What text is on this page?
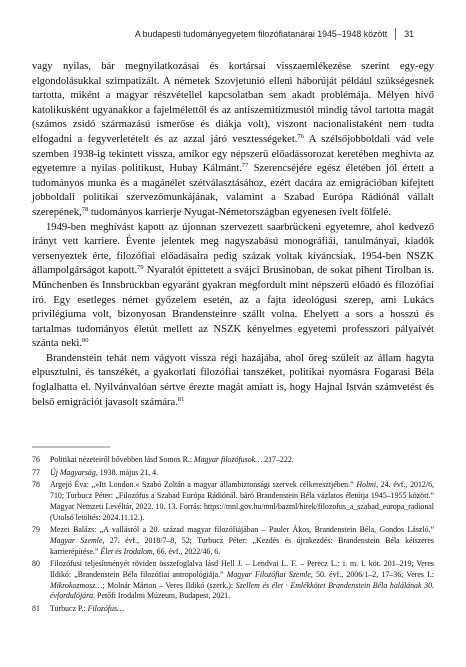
A budapesti tudományegyetem filozófiatanárai 1945–1948 között 31

vagy nyilas, bár megnyilatkozásai és kortársai visszaemlékezése szerint egy-egy elgondolásukkal szimpatizált. A németek Szovjetunió elleni háborúját például szükségesnek tartotta, miként a magyar részvétellel kapcsolatban sem akadt problémája. Mélyen hívő katolikusként ugyanakkor a fajelmélettől és az antiszemitizmustól mindig távol tartotta magát (számos zsidó származású ismerőse és diákja volt), viszont nacionalistaként nem tudta elfogadni a fegyverletételt és az azzal járó vesztességeket.$^{76}$ A szélsőjobboldali vád vele szemben 1938-ig tekintett vissza, amikor egy népszerű előadássorozat keretében meghívta az egyetemre a nyilas politikust, Hubay Kálmánt.$^{77}$ Szerencséjére egész életében jól értett a tudományos munka és a magánélet szétválasztásához, ezért dacára az emigrációban kifejtett jobboldali politikai szervezőmunkájának, valamint a Szabad Európa Rádiónál vállalt szerepének,$^{78}$ tudományos karrierje Nyugat-Németországban egyenesen ívelt fölfelé.

1949-ben meghívást kapott az újonnan szervezett saarbrückeni egyetemre, ahol kedvező irányt vett karriere. Éventе jelentek meg nagyszabású monográfiái, tanulmányai, kiadók versenyeztek érte, filozófiai előadásaira pedig százak voltak kíváncsiak. 1954-ben NSZK állampolgárságot kapott.$^{79}$ Nyaralót építtetett a svájci Brusinoban, de sokat pihent Tirolban is. Münchenben és Innsbruckban egyaránt gyakran megfordult mint népszerű előadó és filozófiai író. Egy esetleges német győzelem esetén, az a fajta ideológusi szerep, ami Lukács privilégiuma volt, bizonyosan Brandensteinre szállt volna. Ehelyett a sors a hosszú és tartalmas tudományos életút mellett az NSZK kényelmes egyetemi professzori pályaívét szánta neki.$^{80}$

Brandenstein tehát nem vágyott vissza régi hazájába, ahol öreg szüleit az állam hagyta elpusztulni, és tanszékét, a gyakorlati filozófiai tanszéket, politikai nyomásra Fogarasi Béla foglalhatta el. Nyilvánvalóan sértve érezte magát amiatt is, hogy Hajnal István számvetést és belső emigrációt javasolt számára.$^{81}$

76	Politikai nézeteiről bővebben lásd Somos R.: Magyar filozófusok… 217–222.
77	Új Magyarság, 1938. május 21, 4.
78	Argejó Éva: „»Itt London.« Szabó Zoltán a magyar állambiztonsági szervek célkeresztjében.” Holmi, 24. évf., 2012/6, 710; Turbucz Péter: „Filozófus a Szabad Európa Rádiónál. báró Brandenstein Béla vázlatos életútja 1945–1955 között.” Magyar Nemzeti Levéltár, 2022. 10. 13. Forrás: https://mnl.gov.hu/mnl/bazml/hirek/filozofus_a_szabad_europa_radional (Utolsó letöltés: 2024.11.12.).
79	Mezei Balázs: „A vallásról a 20. század magyar filozófiájában – Pauler Ákos, Brandenstein Béla, Gondos László.” Magyar Szemle, 27. évf., 2018/7–8, 52; Turbucz Péter: „Kezdés és újrakezdés: Brandenstein Béla kétszeres karrierépítése.” Élet és Irodalom, 66. évf., 2022/46, 6.
80	Filozófusi teljesítményét röviden összefoglalva lásd Hell J. – Lendvai L. F. – Perecz L.: i. m. I. köt. 201–219; Veres Ildikó: „Brandenstein Béla filozófiai antropológiája.” Magyar Filozófiai Szemle, 50. évf., 2006/1–2, 17–36; Veres I.: Mikrokozmosz…; Molnár Márton – Veres Ildikó (szerk.): Szellem és élet · Emlékkötet Brandenstein Béla halálának 30. évfordulójára. Petőfi Irodalmi Múzeum, Budapest, 2021.
81	Turbucz P.: Filozófus…
